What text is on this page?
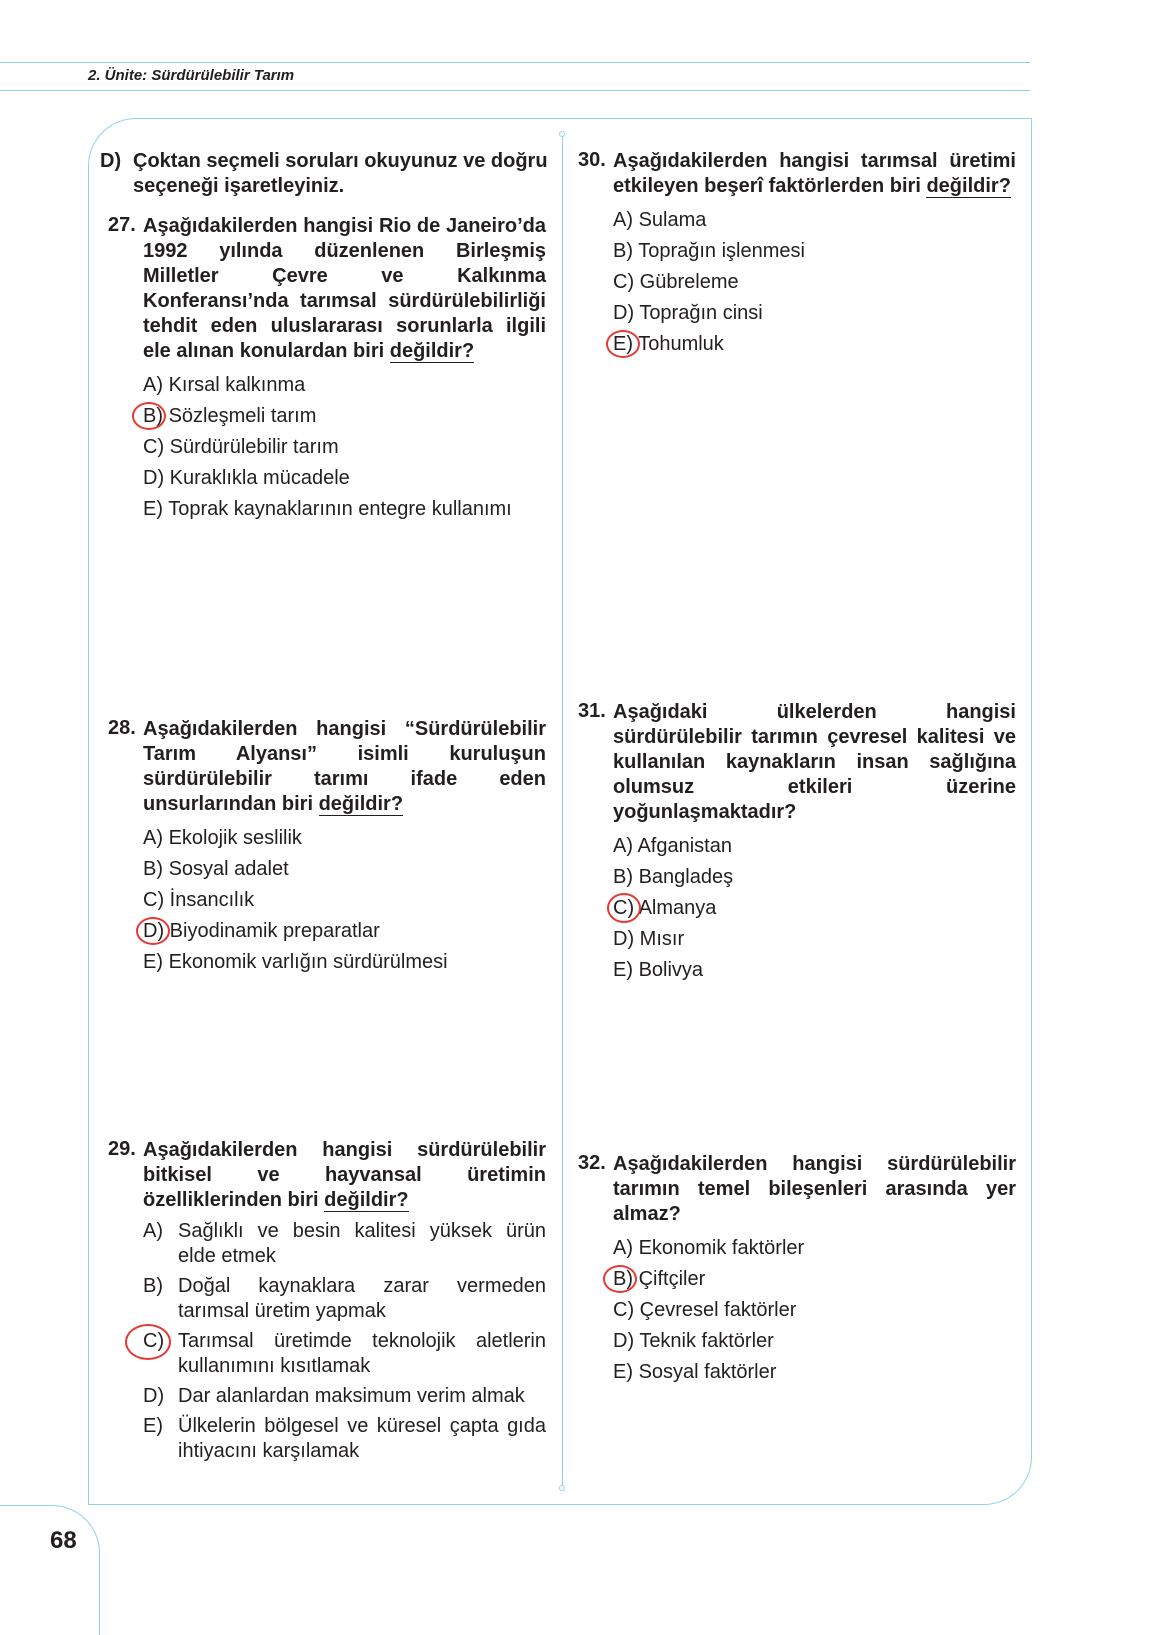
2. Ünite: Sürdürülebilir Tarım
D) Çoktan seçmeli soruları okuyunuz ve doğru seçeneği işaretleyiniz.
27. Aşağıdakilerden hangisi Rio de Janeiro’da 1992 yılında düzenlenen Birleşmiş Milletler Çevre ve Kalkınma Konferansı’nda tarımsal sürdürülebilirliği tehdit eden uluslararası sorunlarla ilgili ele alınan konulardan biri değildir?
A) Kırsal kalkınma
B) Sözleşmeli tarım
C) Sürdürülebilir tarım
D) Kuraklıkla mücadele
E) Toprak kaynaklarının entegre kullanımı
28. Aşağıdakilerden hangisi “Sürdürülebilir Tarım Alyansı” isimli kuruluşun sürdürülebilir tarımı ifade eden unsurlarından biri değildir?
A) Ekolojik seslilik
B) Sosyal adalet
C) İnsancılık
D) Biyodinamik preparatlar
E) Ekonomik varlığın sürdürülmesi
29. Aşağıdakilerden hangisi sürdürülebilir bitkisel ve hayvansal üretimin özelliklerinden biri değildir?
A) Sağlıklı ve besin kalitesi yüksek ürün elde etmek
B) Doğal kaynaklara zarar vermeden tarımsal üretim yapmak
C) Tarımsal üretimde teknolojik aletlerin kullanımını kısıtlamak
D) Dar alanlardan maksimum verim almak
E) Ülkelerin bölgesel ve küresel çapta gıda ihtiyacını karşılamak
30. Aşağıdakilerden hangisi tarımsal üretimi etkileyen beşerî faktörlerden biri değildir?
A) Sulama
B) Toprağın işlenmesi
C) Gübreleme
D) Toprağın cinsi
E) Tohumluk
31. Aşağıdaki ülkelerden hangisi sürdürülebilir tarımın çevresel kalitesi ve kullanılan kaynakların insan sağlığına olumsuz etkileri üzerine yoğunlaşmaktadır?
A) Afganistan
B) Bangladeş
C) Almanya
D) Mısır
E) Bolivya
32. Aşağıdakilerden hangisi sürdürülebilir tarımın temel bileşenleri arasında yer almaz?
A) Ekonomik faktörler
B) Çiftçiler
C) Çevresel faktörler
D) Teknik faktörler
E) Sosyal faktörler
68
